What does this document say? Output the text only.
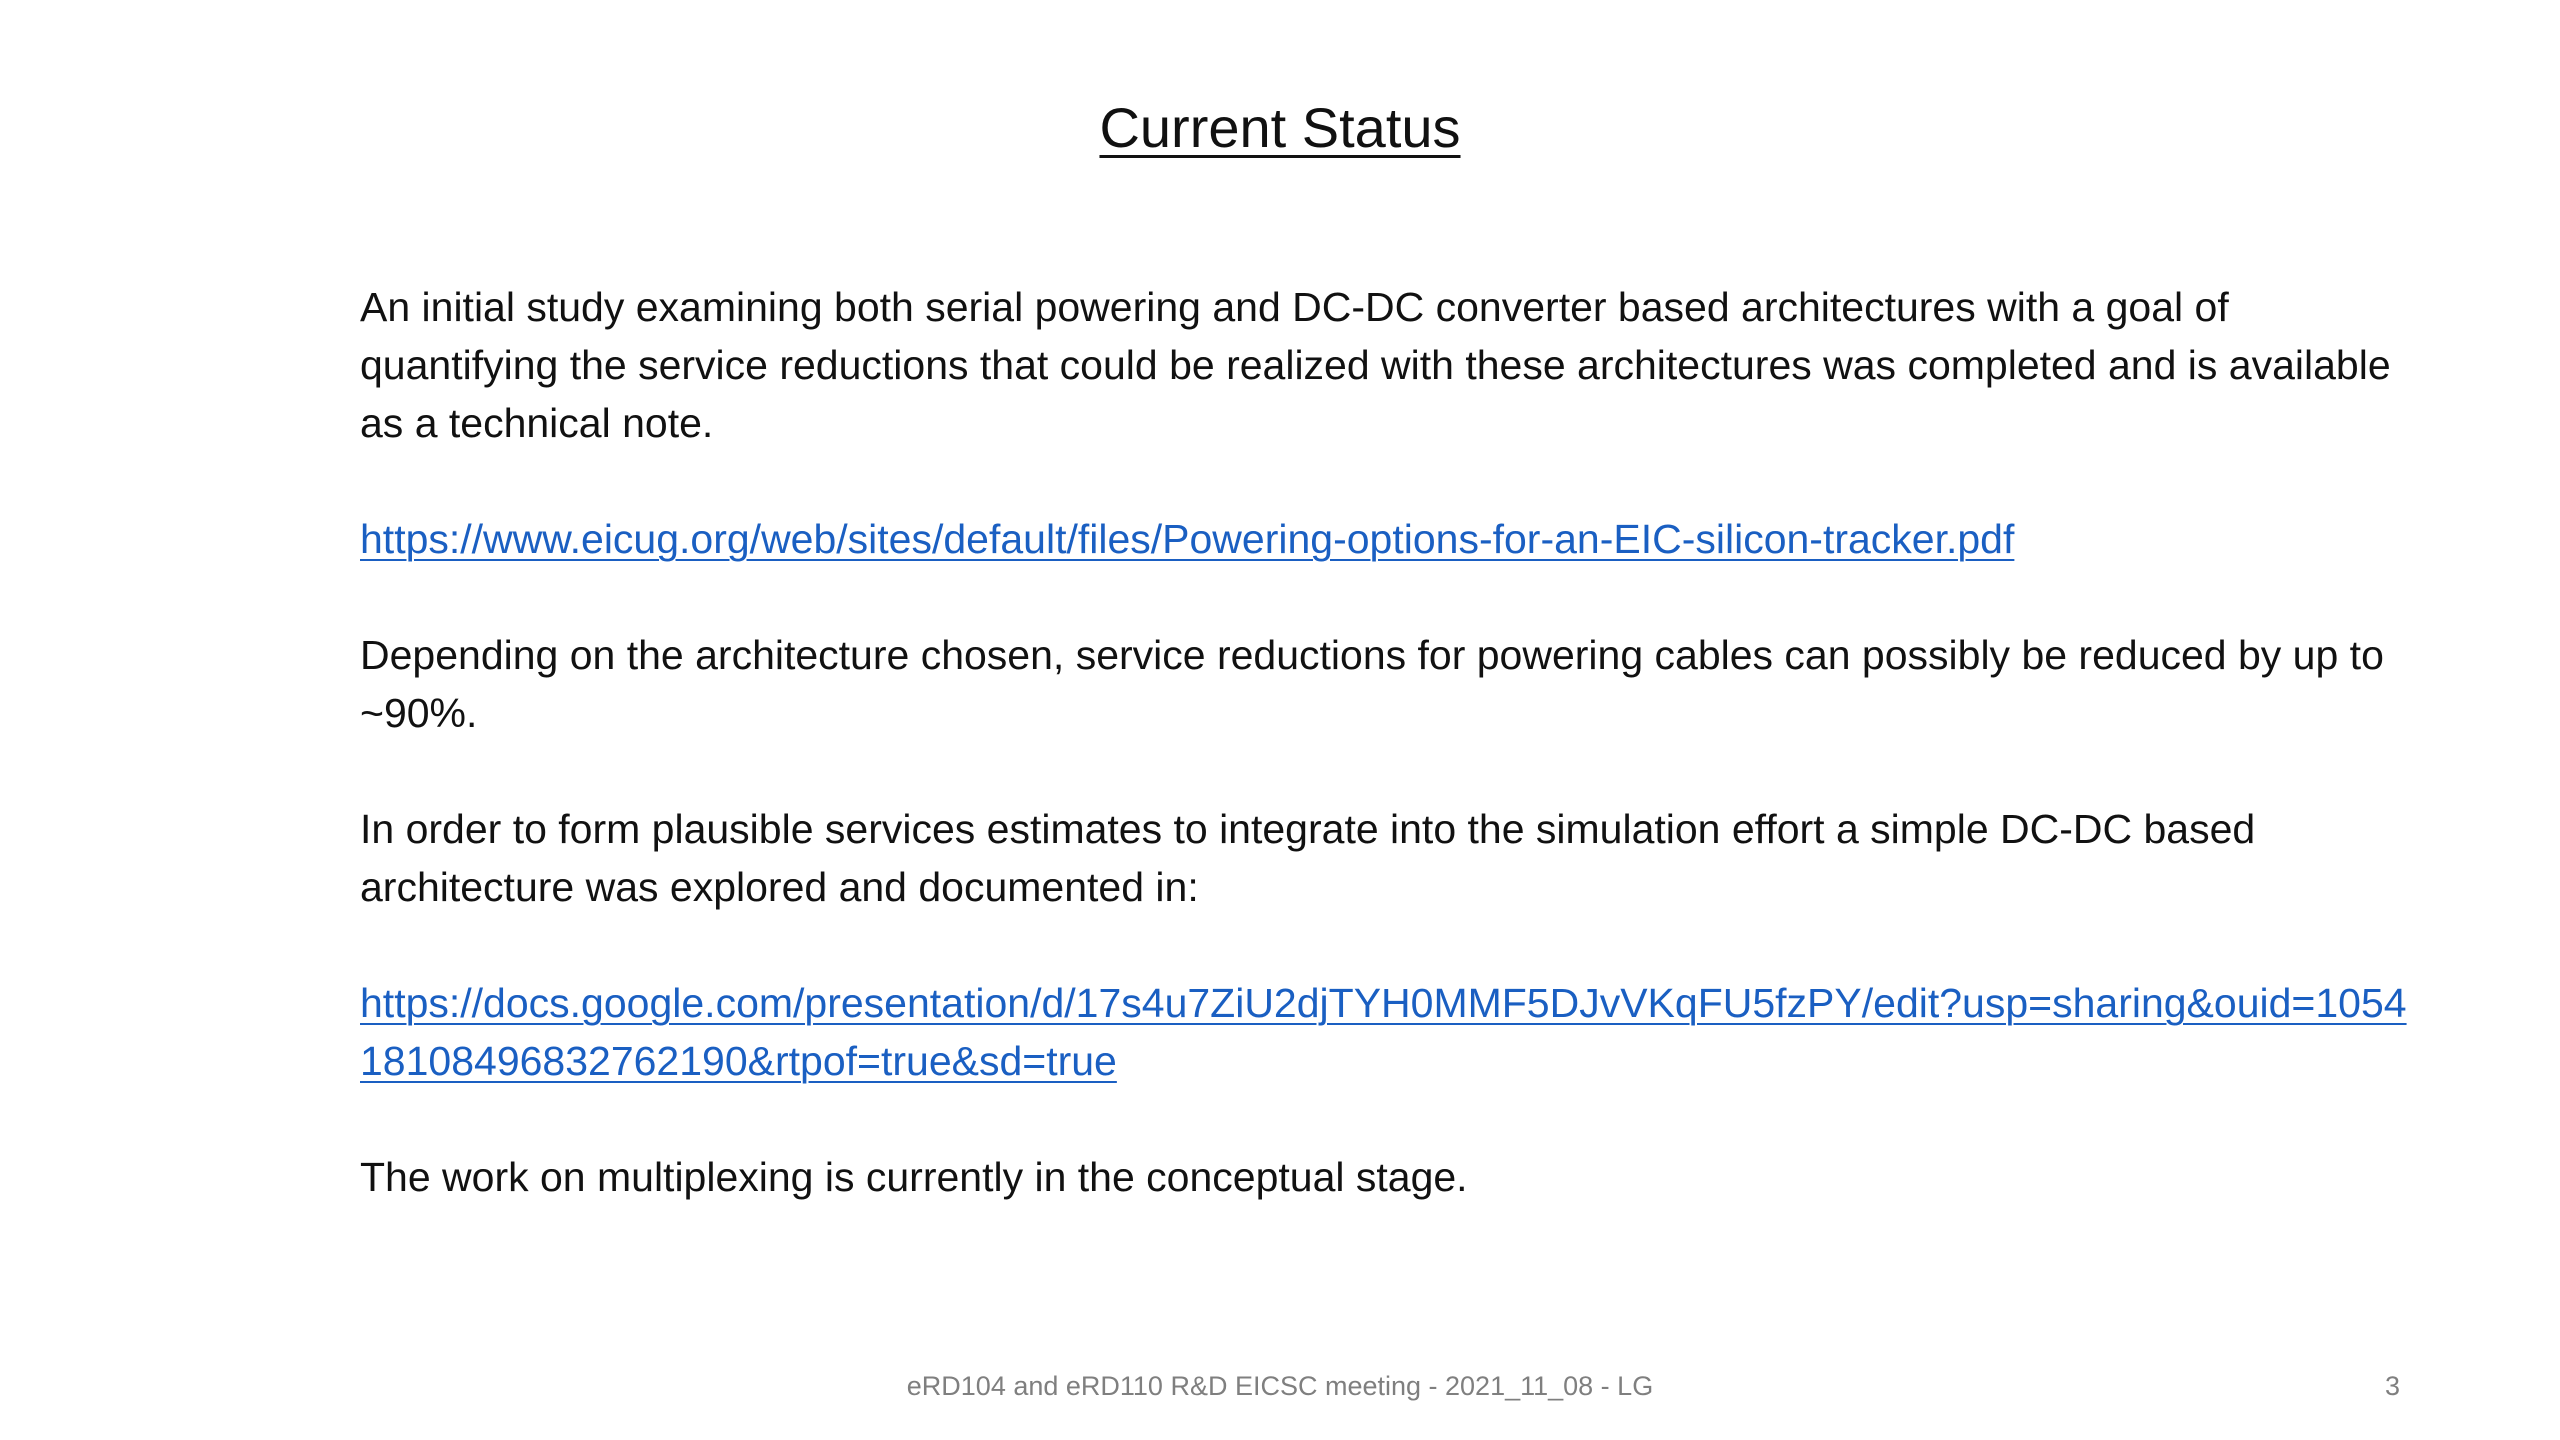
Current Status

An initial study examining both serial powering and DC-DC converter based architectures with a goal of quantifying the service reductions that could be realized with these architectures was completed and is available as a technical note.

https://www.eicug.org/web/sites/default/files/Powering-options-for-an-EIC-silicon-tracker.pdf

Depending on the architecture chosen, service reductions for powering cables can possibly be reduced by up to ~90%.

In order to form plausible services estimates to integrate into the simulation effort a simple DC-DC based architecture was explored and documented in:

https://docs.google.com/presentation/d/17s4u7ZiU2djTYH0MMF5DJvVKqFU5fzPY/edit?usp=sharing&ouid=105418108496832762190&rtpof=true&sd=true

The work on multiplexing is currently in the conceptual stage.

eRD104 and eRD110 R&D EICSC meeting - 2021_11_08 - LG	3
